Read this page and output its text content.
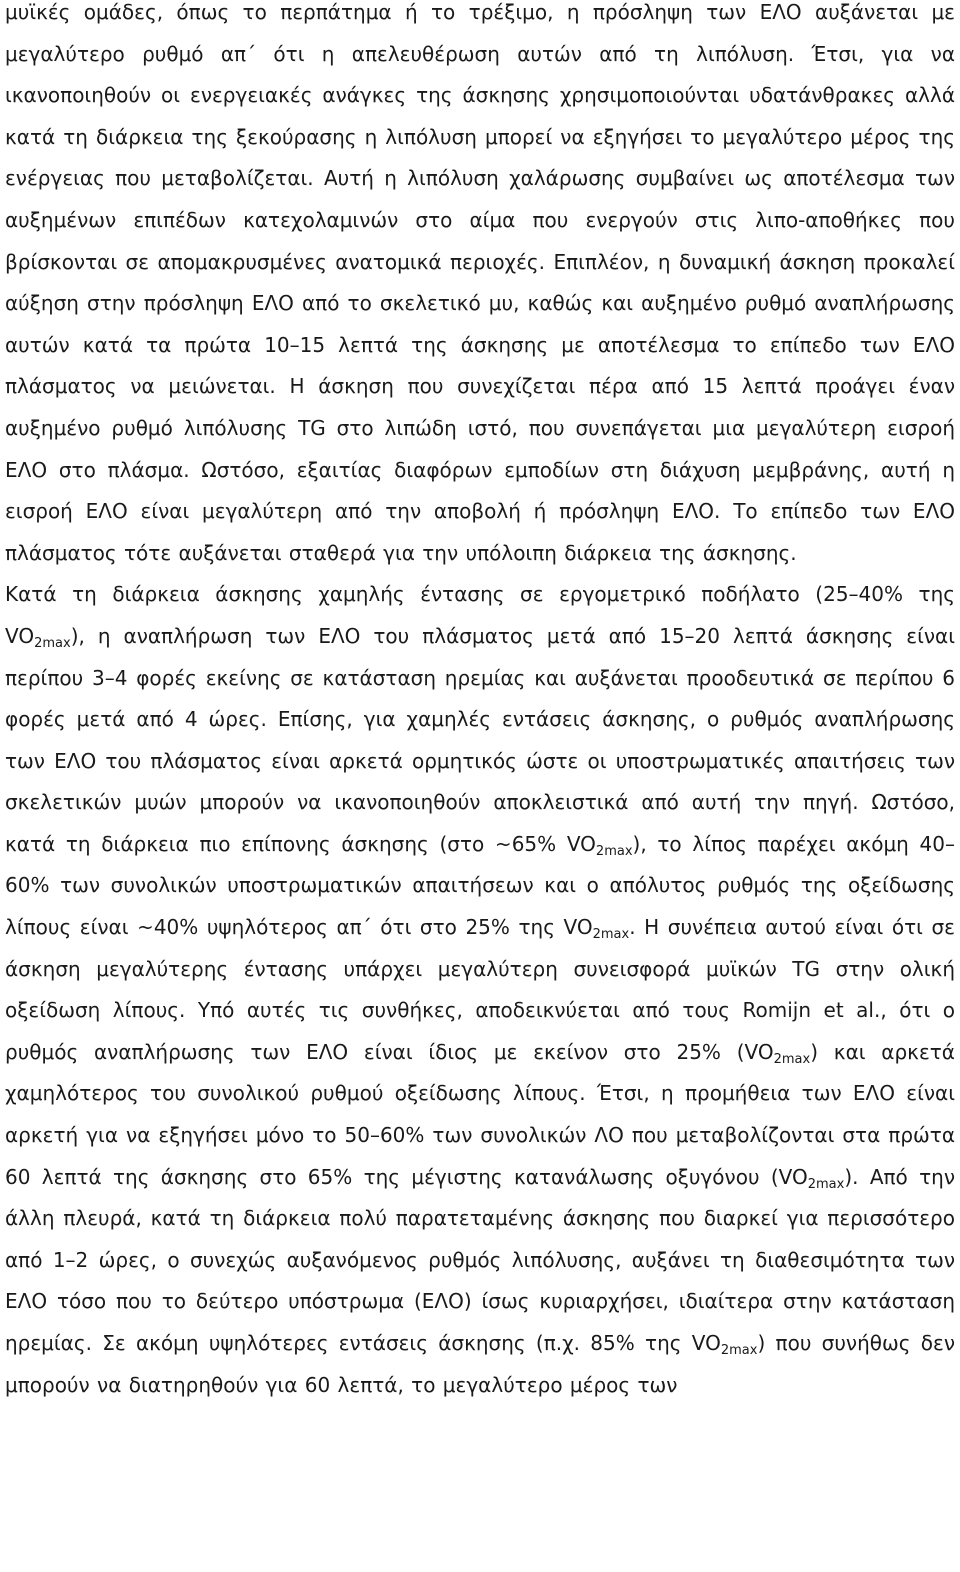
μυϊκές ομάδες, όπως το περπάτημα ή το τρέξιμο, η πρόσληψη των ΕΛΟ αυξάνεται με μεγαλύτερο ρυθμό απ΄ ότι η απελευθέρωση αυτών από τη λιπόλυση. Έτσι, για να ικανοποιηθούν οι ενεργειακές ανάγκες της άσκησης χρησιμοποιούνται υδατάνθρακες αλλά κατά τη διάρκεια της ξεκούρασης η λιπόλυση μπορεί να εξηγήσει το μεγαλύτερο μέρος της ενέργειας που μεταβολίζεται. Αυτή η λιπόλυση χαλάρωσης συμβαίνει ως αποτέλεσμα των αυξημένων επιπέδων κατεχολαμινών στο αίμα που ενεργούν στις λιπο-αποθήκες που βρίσκονται σε απομακρυσμένες ανατομικά περιοχές. Επιπλέον, η δυναμική άσκηση προκαλεί αύξηση στην πρόσληψη ΕΛΟ από το σκελετικό μυ, καθώς και αυξημένο ρυθμό αναπλήρωσης αυτών κατά τα πρώτα 10–15 λεπτά της άσκησης με αποτέλεσμα το επίπεδο των ΕΛΟ πλάσματος να μειώνεται. Η άσκηση που συνεχίζεται πέρα από 15 λεπτά προάγει έναν αυξημένο ρυθμό λιπόλυσης TG στο λιπώδη ιστό, που συνεπάγεται μια μεγαλύτερη εισροή ΕΛΟ στο πλάσμα. Ωστόσο, εξαιτίας διαφόρων εμποδίων στη διάχυση μεμβράνης, αυτή η εισροή ΕΛΟ είναι μεγαλύτερη από την αποβολή ή πρόσληψη ΕΛΟ. Το επίπεδο των ΕΛΟ πλάσματος τότε αυξάνεται σταθερά για την υπόλοιπη διάρκεια της άσκησης.

Κατά τη διάρκεια άσκησης χαμηλής έντασης σε εργομετρικό ποδήλατο (25–40% της $VO_{2max}$), η αναπλήρωση των ΕΛΟ του πλάσματος μετά από 15–20 λεπτά άσκησης είναι περίπου 3–4 φορές εκείνης σε κατάσταση ηρεμίας και αυξάνεται προοδευτικά σε περίπου 6 φορές μετά από 4 ώρες. Επίσης, για χαμηλές εντάσεις άσκησης, ο ρυθμός αναπλήρωσης των ΕΛΟ του πλάσματος είναι αρκετά ορμητικός ώστε οι υποστρωματικές απαιτήσεις των σκελετικών μυών μπορούν να ικανοποιηθούν αποκλειστικά από αυτή την πηγή. Ωστόσο, κατά τη διάρκεια πιο επίπονης άσκησης (στο ~65% $VO_{2max}$), το λίπος παρέχει ακόμη 40–60% των συνολικών υποστρωματικών απαιτήσεων και ο απόλυτος ρυθμός της οξείδωσης λίπους είναι ~40% υψηλότερος απ΄ ότι στο 25% της $VO_{2max}$. Η συνέπεια αυτού είναι ότι σε άσκηση μεγαλύτερης έντασης υπάρχει μεγαλύτερη συνεισφορά μυϊκών TG στην ολική οξείδωση λίπους. Υπό αυτές τις συνθήκες, αποδεικνύεται από τους Romijn et al., ότι ο ρυθμός αναπλήρωσης των ΕΛΟ είναι ίδιος με εκείνον στο 25% $(VO_{2max})$ και αρκετά χαμηλότερος του συνολικού ρυθμού οξείδωσης λίπους. Έτσι, η προμήθεια των ΕΛΟ είναι αρκετή για να εξηγήσει μόνο το 50–60% των συνολικών ΛΟ που μεταβολίζονται στα πρώτα 60 λεπτά της άσκησης στο 65% της μέγιστης κατανάλωσης οξυγόνου $(VO_{2max})$. Από την άλλη πλευρά, κατά τη διάρκεια πολύ παρατεταμένης άσκησης που διαρκεί για περισσότερο από 1–2 ώρες, ο συνεχώς αυξανόμενος ρυθμός λιπόλυσης, αυξάνει τη διαθεσιμότητα των ΕΛΟ τόσο που το δεύτερο υπόστρωμα (ΕΛΟ) ίσως κυριαρχήσει, ιδιαίτερα στην κατάσταση ηρεμίας. Σε ακόμη υψηλότερες εντάσεις άσκησης (π.χ. 85% της $VO_{2max}$) που συνήθως δεν μπορούν να διατηρηθούν για 60 λεπτά, το μεγαλύτερο μέρος των
